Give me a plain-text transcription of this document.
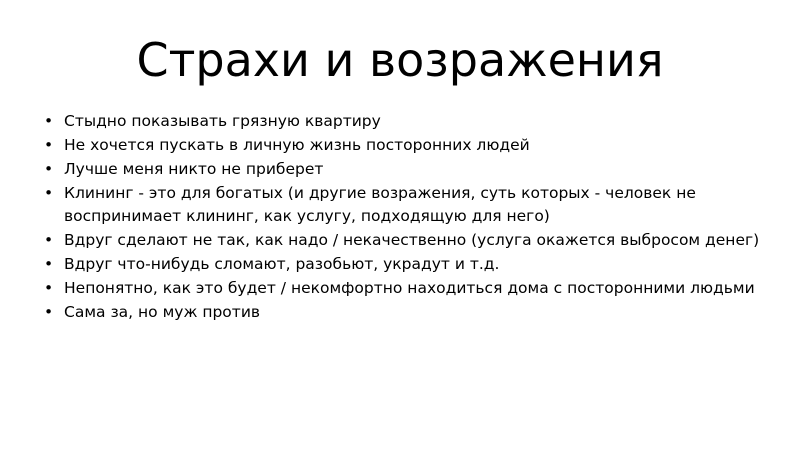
Страхи и возражения
• Стыдно показывать грязную квартиру
• Не хочется пускать в личную жизнь посторонних людей
• Лучше меня никто не приберет
• Клининг - это для богатых (и другие возражения, суть которых - человек не воспринимает клининг, как услугу, подходящую для него)
• Вдруг сделают не так, как надо / некачественно (услуга окажется выбросом денег)
• Вдруг что-нибудь сломают, разобьют, украдут и т.д.
• Непонятно, как это будет / некомфортно находиться дома с посторонними людьми
• Сама за, но муж против
